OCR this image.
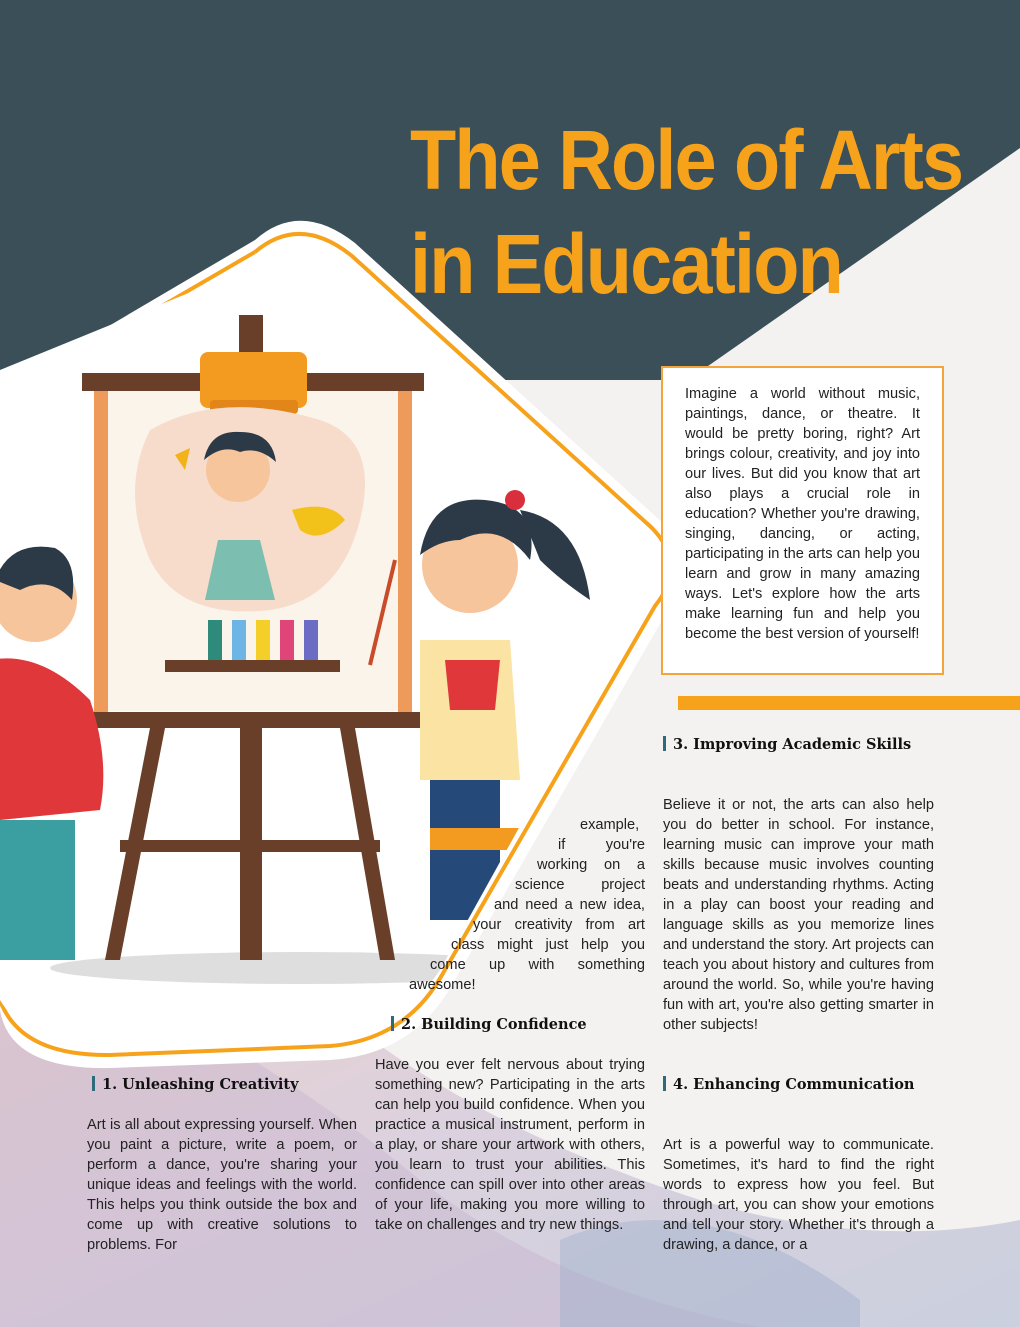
The Role of Arts
in Education

Imagine a world without music, paintings, dance, or theatre. It would be pretty boring, right? Art brings colour, creativity, and joy into our lives. But did you know that art also plays a crucial role in education? Whether you're drawing, singing, dancing, or acting, participating in the arts can help you learn and grow in many amazing ways. Let's explore how the arts make learning fun and help you become the best version of yourself!

1. Unleashing Creativity

Art is all about expressing yourself. When you paint a picture, write a poem, or perform a dance, you're sharing your unique ideas and feelings with the world. This helps you think outside the box and come up with creative solutions to problems. For

example,
if you're
working on a
science project
and need a new idea,
your creativity from art
class might just help you
come up with something
awesome!
2. Building Confidence

Have you ever felt nervous about trying something new? Participating in the arts can help you build confidence. When you practice a musical instrument, perform in a play, or share your artwork with others, you learn to trust your abilities. This confidence can spill over into other areas of your life, making you more willing to take on challenges and try new things.

3. Improving Academic Skills

Believe it or not, the arts can also help you do better in school. For instance, learning music can improve your math skills because music involves counting beats and understanding rhythms. Acting in a play can boost your reading and language skills as you memorize lines and understand the story. Art projects can teach you about history and cultures from around the world. So, while you're having fun with art, you're also getting smarter in other subjects!

4. Enhancing Communication

Art is a powerful way to communicate. Sometimes, it's hard to find the right words to express how you feel. But through art, you can show your emotions and tell your story. Whether it's through a drawing, a dance, or a
